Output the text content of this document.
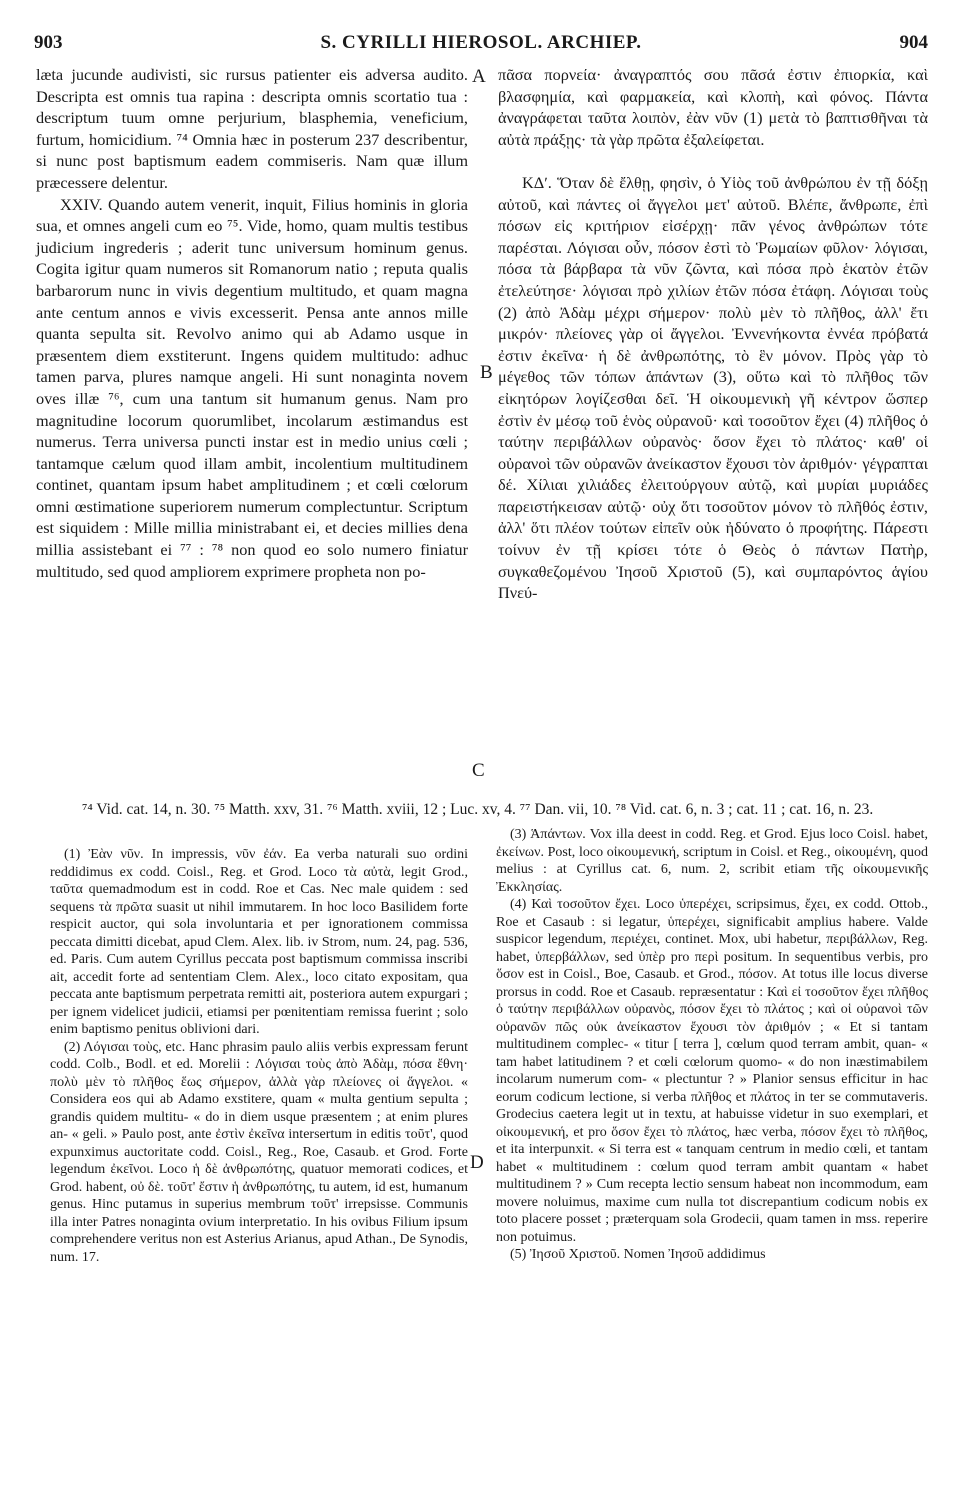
903	S. CYRILLI HIEROSOL. ARCHIEP.	904
A
B
C
D

læta jucunde audivisti, sic rursus patienter eis adversa audito. Descripta est omnis tua rapina : descripta omnis scortatio tua : descriptum tuum omne perjurium, blasphemia, veneficium, furtum, homicidium. ⁷⁴ Omnia hæc in posterum 237 describentur, si nunc post baptismum eadem commiseris. Nam quæ illum præcessere delentur.

XXIV. Quando autem venerit, inquit, Filius hominis in gloria sua, et omnes angeli cum eo ⁷⁵. Vide, homo, quam multis testibus judicium ingrederis ; aderit tunc universum hominum genus. Cogita igitur quam numeros sit Romanorum natio ; reputa qualis barbarorum nunc in vivis degentium multitudo, et quam magna ante centum annos e vivis excesserit. Pensa ante annos mille quanta sepulta sit. Revolvo animo qui ab Adamo usque in præsentem diem exstiterunt. Ingens quidem multitudo: adhuc tamen parva, plures namque angeli. Hi sunt nonaginta novem oves illæ ⁷⁶, cum una tantum sit humanum genus. Nam pro magnitudine locorum quorumlibet, incolarum æstimandus est numerus. Terra universa puncti instar est in medio unius cœli ; tantamque cælum quod illam ambit, incolentium multitudinem continet, quantam ipsum habet amplitudinem ; et cœli cœlorum omni œstimatione superiorem numerum complectuntur. Scriptum est siquidem : Mille millia ministrabant ei, et decies millies dena millia assistebant ei ⁷⁷ : ⁷⁸ non quod eo solo numero finiatur multitudo, sed quod ampliorem exprimere propheta non po-

πᾶσα πορνεία· ἀναγραπτός σου πᾶσά ἐστιν ἐπιορκία, καὶ βλασφημία, καὶ φαρμακεία, καὶ κλοπὴ, καὶ φόνος. Πάντα ἀναγράφεται ταῦτα λοιπὸν, ἐὰν νῦν (1) μετὰ τὸ βαπτισθῆναι τὰ αὐτὰ πράξῃς· τὰ γὰρ πρῶτα ἐξαλείφεται.

ΚΔʹ. Ὅταν δὲ ἔλθῃ, φησὶν, ὁ Υἱὸς τοῦ ἀνθρώπου ἐν τῇ δόξῃ αὐτοῦ, καὶ πάντες οἱ ἄγγελοι μετ' αὐτοῦ. Βλέπε, ἄνθρωπε, ἐπὶ πόσων εἰς κριτήριον εἰσέρχῃ· πᾶν γένος ἀνθρώπων τότε παρέσται. Λόγισαι οὖν, πόσον ἐστὶ τὸ Ῥωμαίων φῦλον· λόγισαι, πόσα τὰ βάρβαρα τὰ νῦν ζῶντα, καὶ πόσα πρὸ ἑκατὸν ἐτῶν ἐτελεύτησε· λόγισαι πρὸ χιλίων ἐτῶν πόσα ἐτάφη. Λόγισαι τοὺς (2) ἀπὸ Ἀδὰμ μέχρι σήμερον· πολὺ μὲν τὸ πλῆθος, ἀλλ' ἔτι μικρόν· πλείονες γὰρ οἱ ἄγγελοι. Ἐννενήκοντα ἐννέα πρόβατά ἐστιν ἐκεῖνα· ἡ δὲ ἀνθρωπότης, τὸ ἓν μόνον. Πρὸς γὰρ τὸ μέγεθος τῶν τόπων ἁπάντων (3), οὕτω καὶ τὸ πλῆθος τῶν εἰκητόρων λογίζεσθαι δεῖ. Ἡ οἰκουμενικὴ γῆ κέντρον ὥσπερ ἐστὶν ἐν μέσῳ τοῦ ἑνὸς οὐρανοῦ· καὶ τοσοῦτον ἔχει (4) πλῆθος ὁ ταύτην περιβάλλων οὐρανὸς· ὅσον ἔχει τὸ πλάτος· καθ' οἱ οὐρανοὶ τῶν οὐρανῶν ἀνείκαστον ἔχουσι τὸν ἀριθμόν· γέγραπται δέ. Χίλιαι χιλιάδες ἐλειτούργουν αὐτῷ, καὶ μυρίαι μυριάδες παρειστήκεισαν αὐτῷ· οὐχ ὅτι τοσοῦτον μόνον τὸ πλῆθός ἐστιν, ἀλλ' ὅτι πλέον τούτων εἰπεῖν οὐκ ἠδύνατο ὁ προφήτης. Πάρεστι τοίνυν ἐν τῇ κρίσει τότε ὁ Θεὸς ὁ πάντων Πατὴρ, συγκαθεζομένου Ἰησοῦ Χριστοῦ (5), καὶ συμπαρόντος ἁγίου Πνεύ-

⁷⁴ Vid. cat. 14, n. 30. ⁷⁵ Matth. xxv, 31. ⁷⁶ Matth. xviii, 12 ; Luc. xv, 4. ⁷⁷ Dan. vii, 10. ⁷⁸ Vid. cat. 6, n. 3 ; cat. 11 ; cat. 16, n. 23.

(1) Ἐὰν νῦν. In impressis, νῦν ἐάν. Ea verba naturali suo ordini reddidimus ex codd. Coisl., Reg. et Grod. Loco τὰ αὐτὰ, legit Grod., ταῦτα quemadmodum est in codd. Roe et Cas. Nec male quidem : sed sequens τὰ πρῶτα suasit ut nihil immutarem. In hoc loco Basilidem forte respicit auctor, qui sola involuntaria et per ignorationem commissa peccata dimitti dicebat, apud Clem. Alex. lib. iv Strom, num. 24, pag. 536, ed. Paris. Cum autem Cyrillus peccata post baptismum commissa inscribi ait, accedit forte ad sententiam Clem. Alex., loco citato expositam, qua peccata ante baptismum perpetrata remitti ait, posteriora autem expurgari ; per ignem videlicet judicii, etiamsi per pœnitentiam remissa fuerint ; solo enim baptismo penitus oblivioni dari.

(2) Λόγισαι τοὺς, etc. Hanc phrasim paulo aliis verbis expressam ferunt codd. Colb., Bodl. et ed. Morelii : Λόγισαι τοὺς ἀπὸ Ἀδὰμ, πόσα ἔθνη· πολὺ μὲν τὸ πλῆθος ἕως σήμερον, ἀλλὰ γὰρ πλείονες οἱ ἄγγελοι. « Considera eos qui ab Adamo exstitere, quam « multa gentium sepulta ; grandis quidem multitu- « do in diem usque præsentem ; at enim plures an- « geli. » Paulo post, ante ἐστὶν ἐκεῖνα intersertum in editis τοῦτ', quod expunximus auctoritate codd. Coisl., Reg., Roe, Casaub. et Grod. Forte legendum ἐκεῖνοι. Loco ἡ δὲ ἀνθρωπότης, quatuor memorati codices, et Grod. habent, οὐ δὲ. τοῦτ' ἔστιν ἡ ἀνθρωπότης, tu autem, id est, humanum genus. Hinc putamus in superius membrum τοῦτ' irrepsisse. Communis illa inter Patres nonaginta ovium interpretatio. In his ovibus Filium ipsum comprehendere veritus non est Asterius Arianus, apud Athan., De Synodis, num. 17.

(3) Ἁπάντων. Vox illa deest in codd. Reg. et Grod. Ejus loco Coisl. habet, ἐκείνων. Post, loco οἰκουμενική, scriptum in Coisl. et Reg., οἰκουμένη, quod melius : at Cyrillus cat. 6, num. 2, scribit etiam τῆς οἰκουμενικῆς Ἐκκλησίας.

(4) Καὶ τοσοῦτον ἔχει. Loco ὑπερέχει, scripsimus, ἔχει, ex codd. Ottob., Roe et Casaub : si legatur, ὑπερέχει, significabit amplius habere. Valde suspicor legendum, περιέχει, continet. Mox, ubi habetur, περιβάλλων, Reg. habet, ὑπερβάλλων, sed ὑπὲρ pro περὶ positum. In sequentibus verbis, pro ὅσον est in Coisl., Boe, Casaub. et Grod., πόσον. At totus ille locus diverse prorsus in codd. Roe et Casaub. repræsentatur : Καὶ εἰ τοσοῦτον ἔχει πλῆθος ὁ ταύτην περιβάλλων οὐρανὸς, πόσον ἔχει τὸ πλάτος ; καὶ οἱ οὐρανοὶ τῶν οὐρανῶν πῶς οὐκ ἀνείκαστον ἔχουσι τὸν ἀριθμόν ; « Et si tantam multitudinem complec- « titur [ terra ], cœlum quod terram ambit, quan- « tam habet latitudinem ? et cœli cœlorum quomo- « do non inæstimabilem incolarum numerum com- « plectuntur ? » Planior sensus efficitur in hac eorum codicum lectione, si verba πλῆθος et πλάτος in ter se commutaveris. Grodecius caetera legit ut in textu, at habuisse videtur in suo exemplari, et οἰκουμενική, et pro ὅσον ἔχει τὸ πλάτος, hæc verba, πόσον ἔχει τὸ πλῆθος, et ita interpunxit. « Si terra est « tanquam centrum in medio cœli, et tantam habet « multitudinem : cœlum quod terram ambit quantam « habet multitudinem ? » Cum recepta lectio sensum habeat non incommodum, eam movere noluimus, maxime cum nulla tot discrepantium codicum nobis ex toto placere posset ; præterquam sola Grodecii, quam tamen in mss. reperire non potuimus.

(5) Ἰησοῦ Χριστοῦ. Nomen Ἰησοῦ addidimus
